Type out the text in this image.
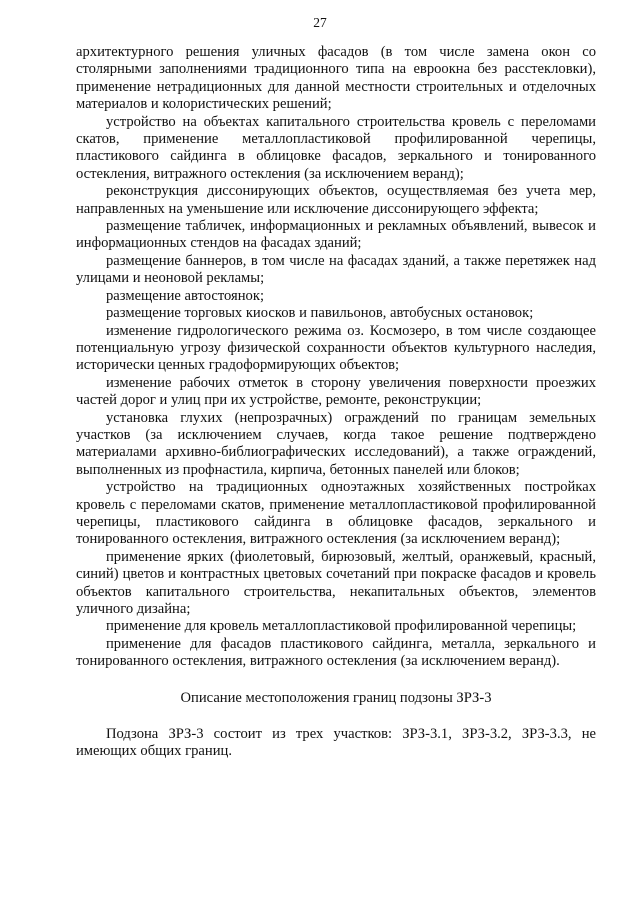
27

архитектурного решения уличных фасадов (в том числе замена окон со столярными заполнениями традиционного типа на евроокна без расстекловки), применение нетрадиционных для данной местности строительных и отделочных материалов и колористических решений;

устройство на объектах капитального строительства кровель с переломами скатов, применение металлопластиковой профилированной черепицы, пластикового сайдинга в облицовке фасадов, зеркального и тонированного остекления, витражного остекления (за исключением веранд);

реконструкция диссонирующих объектов, осуществляемая без учета мер, направленных на уменьшение или исключение диссонирующего эффекта;

размещение табличек, информационных и рекламных объявлений, вывесок и информационных стендов на фасадах зданий;

размещение баннеров, в том числе на фасадах зданий, а также перетяжек над улицами и неоновой рекламы;

размещение автостоянок;

размещение торговых киосков и павильонов, автобусных остановок;

изменение гидрологического режима оз. Космозеро, в том числе создающее потенциальную угрозу физической сохранности объектов культурного наследия, исторически ценных градоформирующих объектов;

изменение рабочих отметок в сторону увеличения поверхности проезжих частей дорог и улиц при их устройстве, ремонте, реконструкции;

установка глухих (непрозрачных) ограждений по границам земельных участков (за исключением случаев, когда такое решение подтверждено материалами архивно-библиографических исследований), а также ограждений, выполненных из профнастила, кирпича, бетонных панелей или блоков;

устройство на традиционных одноэтажных хозяйственных постройках кровель с переломами скатов, применение металлопластиковой профилированной черепицы, пластикового сайдинга в облицовке фасадов, зеркального и тонированного остекления, витражного остекления (за исключением веранд);

применение ярких (фиолетовый, бирюзовый, желтый, оранжевый, красный, синий) цветов и контрастных цветовых сочетаний при покраске фасадов и кровель объектов капитального строительства, некапитальных объектов, элементов уличного дизайна;

применение для кровель металлопластиковой профилированной черепицы;

применение для фасадов пластикового сайдинга, металла, зеркального и тонированного остекления, витражного остекления (за исключением веранд).

Описание местоположения границ подзоны ЗРЗ-3

Подзона ЗРЗ-3 состоит из трех участков: ЗРЗ-3.1, ЗРЗ-3.2, ЗРЗ-3.3, не имеющих общих границ.
